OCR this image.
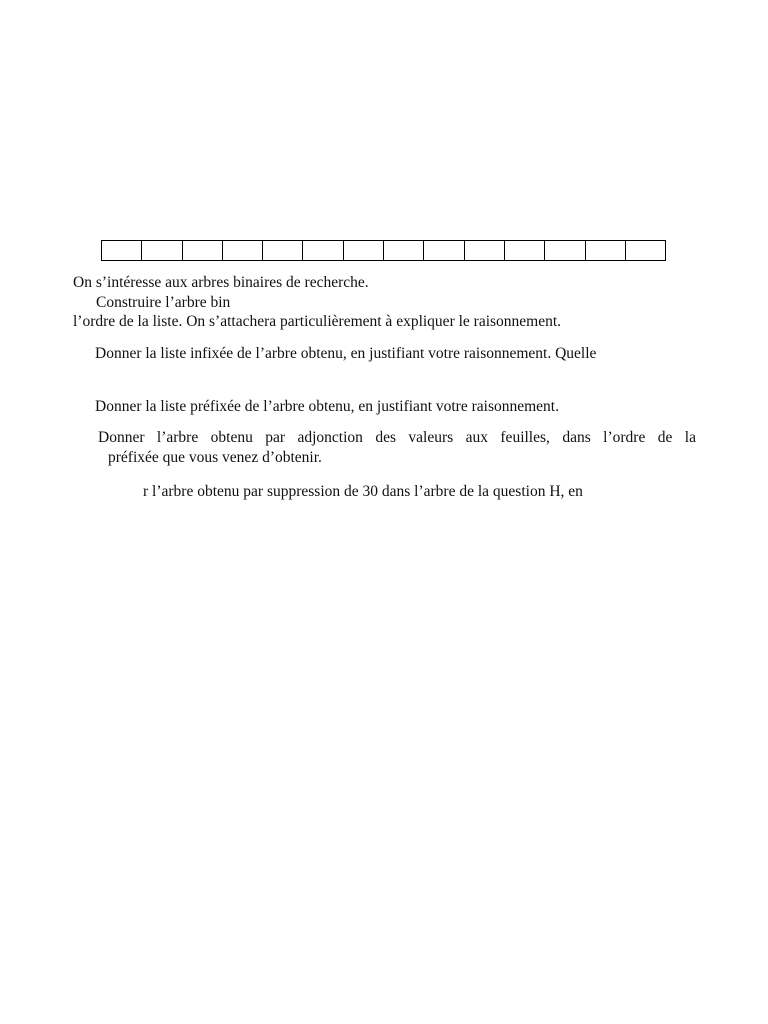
On s’intéresse aux arbres binaires de recherche.

Construire l’arbre bin

l’ordre de la liste. On s’attachera particulièrement à expliquer le raisonnement.

Donner la liste infixée de l’arbre obtenu, en justifiant votre raisonnement. Quelle

Donner la liste préfixée de l’arbre obtenu, en justifiant votre raisonnement.

Donner l’arbre obtenu par adjonction des valeurs aux feuilles, dans l’ordre de la

préfixée que vous venez d’obtenir.

r l’arbre obtenu par suppression de 30 dans l’arbre de la question H, en
